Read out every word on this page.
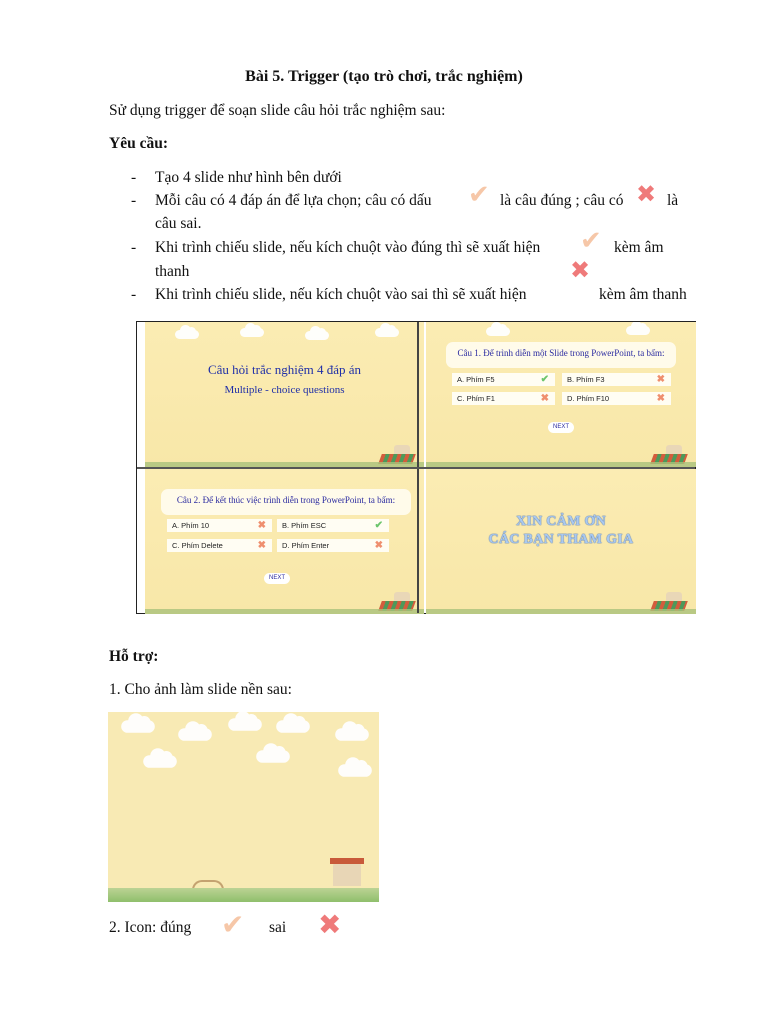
Bài 5. Trigger (tạo trò chơi, trắc nghiệm)
Sử dụng trigger để soạn slide câu hỏi trắc nghiệm sau:
Yêu cầu:
- Tạo 4 slide như hình bên dưới
- Mỗi câu có 4 đáp án để lựa chọn; câu có dấu ✔ là câu đúng ; câu có ✖ là
câu sai.
- Khi trình chiếu slide, nếu kích chuột vào đúng thì sẽ xuất hiện ✔ kèm âm
thanh	✖
- Khi trình chiếu slide, nếu kích chuột vào sai thì sẽ xuất hiện	kèm âm thanh
Câu hỏi trắc nghiệm 4 đáp án
Multiple - choice questions
Câu 1. Để trình diễn một Slide trong PowerPoint, ta bấm:
A. Phím F5	✔	B. Phím F3	✖
C. Phím F1	✖	D. Phím F10	✖
NEXT
Câu 2. Để kết thúc việc trình diễn trong PowerPoint, ta bấm:
A. Phím 10	✖	B. Phím ESC	✔
C. Phím Delete	✖	D. Phím Enter	✖
NEXT
XIN CẢM ƠN
CÁC BẠN THAM GIA
Hỗ trợ:
1. Cho ảnh làm slide nền sau:
2. Icon: đúng ✔ sai ✖
